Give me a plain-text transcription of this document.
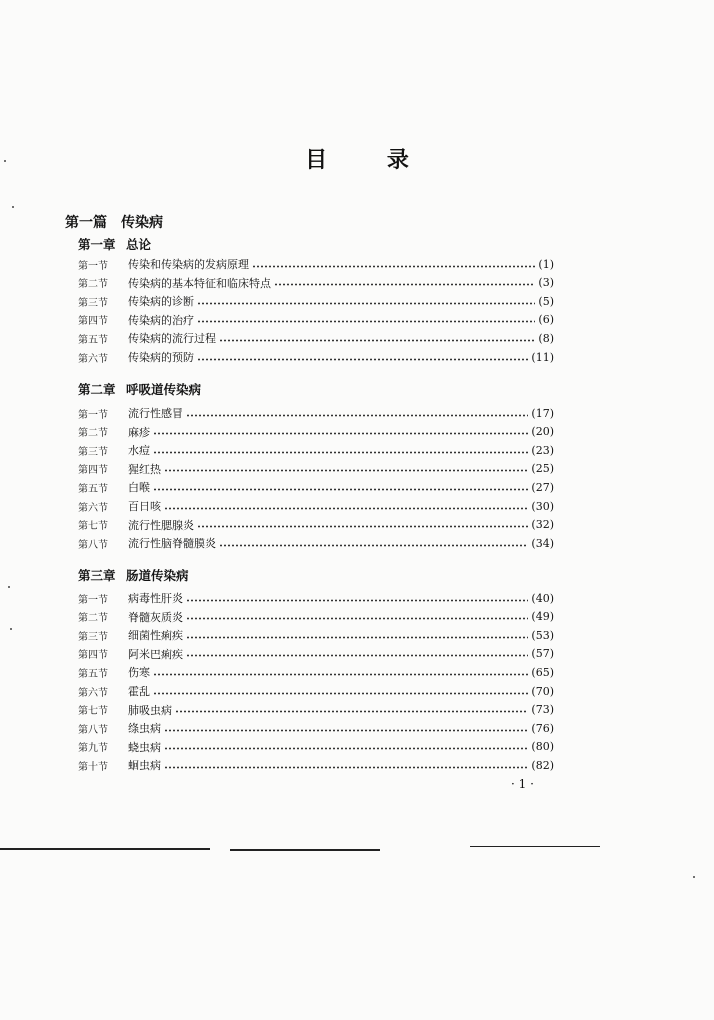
目 录
第一篇　传染病
第一章 总论
第二章 呼吸道传染病
第三章 肠道传染病
第一节	传染和传染病的发病原理	(1)
第二节	传染病的基本特征和临床特点	(3)
第三节	传染病的诊断	(5)
第四节	传染病的治疗	(6)
第五节	传染病的流行过程	(8)
第六节	传染病的预防	(11)
第一节	流行性感冒	(17)
第二节	麻疹	(20)
第三节	水痘	(23)
第四节	猩红热	(25)
第五节	白喉	(27)
第六节	百日咳	(30)
第七节	流行性腮腺炎	(32)
第八节	流行性脑脊髓膜炎	(34)
第一节	病毒性肝炎	(40)
第二节	脊髓灰质炎	(49)
第三节	细菌性痢疾	(53)
第四节	阿米巴痢疾	(57)
第五节	伤寒	(65)
第六节	霍乱	(70)
第七节	肺吸虫病	(73)
第八节	绦虫病	(76)
第九节	蛲虫病	(80)
第十节	蛔虫病	(82)
· 1 ·
